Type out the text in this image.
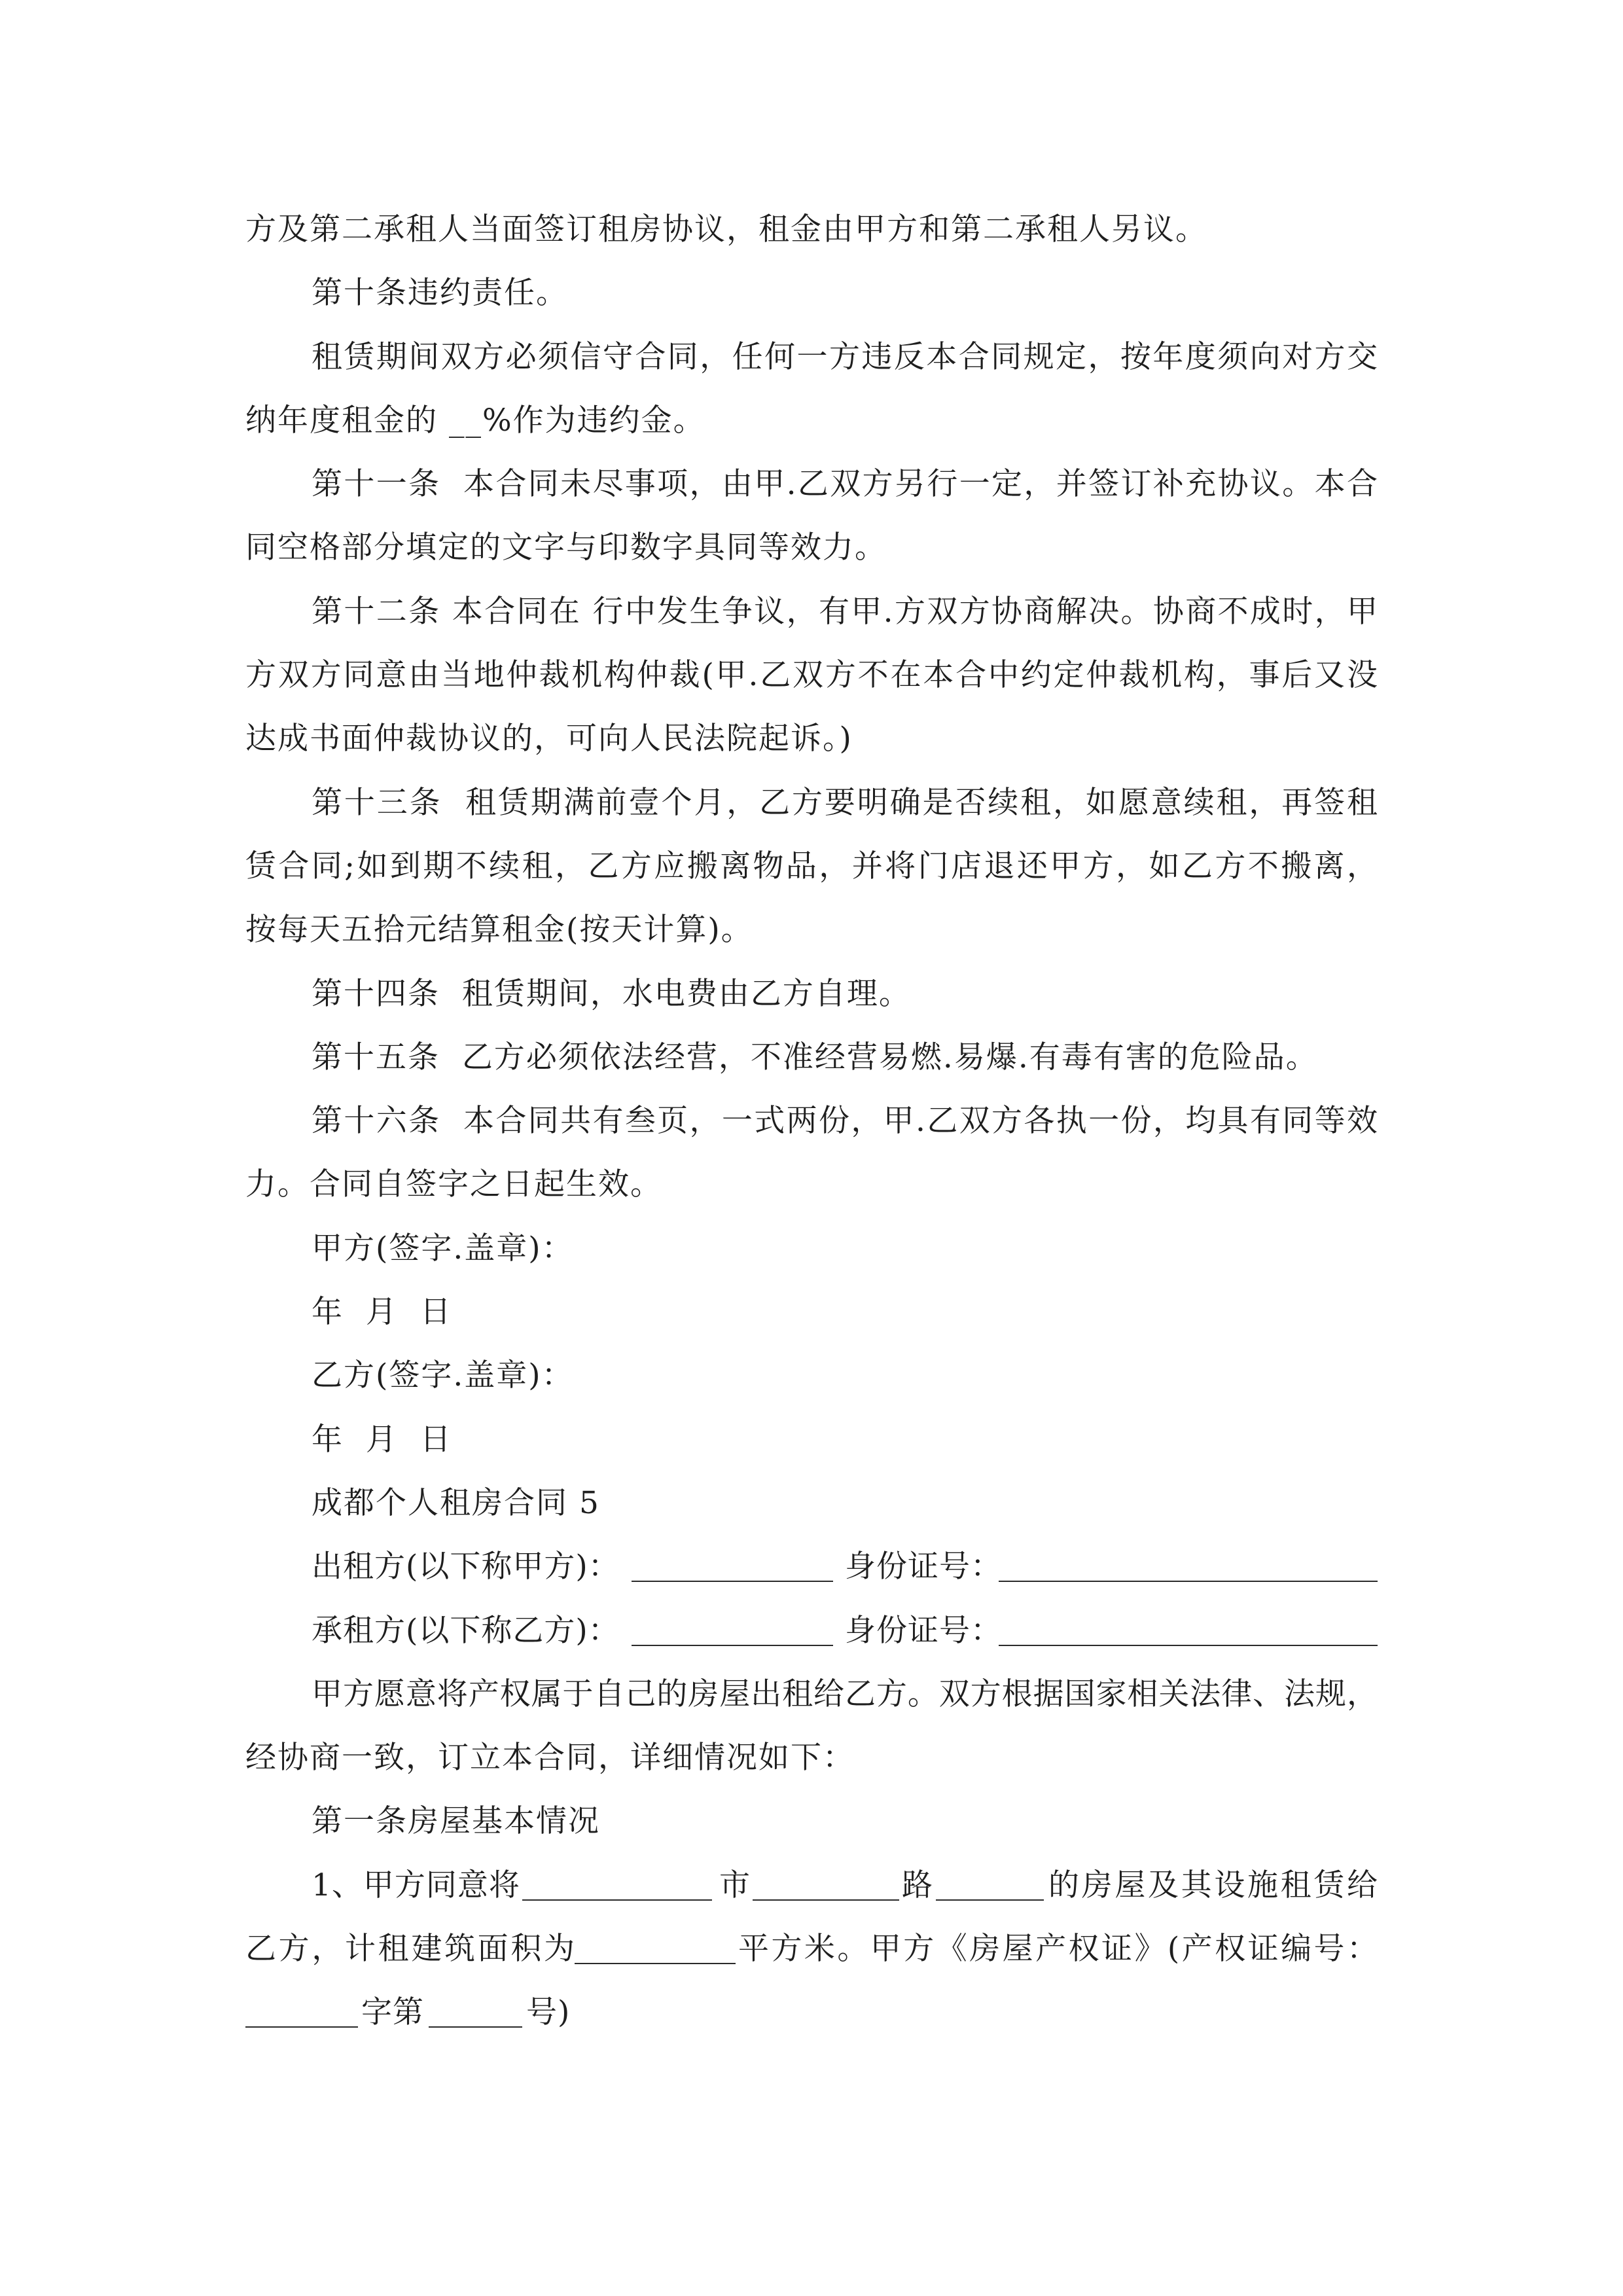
方及第二承租人当面签订租房协议，租金由甲方和第二承租人另议。
第十条违约责任。
租赁期间双方必须信守合同，任何一方违反本合同规定，按年度须向对方交
纳年度租金的 __%作为违约金。
第十一条  本合同未尽事项，由甲.乙双方另行一定，并签订补充协议。本合
同空格部分填定的文字与印数字具同等效力。
第十二条 本合同在 行中发生争议，有甲.方双方协商解决。协商不成时，甲
方双方同意由当地仲裁机构仲裁(甲.乙双方不在本合中约定仲裁机构，事后又没
达成书面仲裁协议的，可向人民法院起诉。)
第十三条  租赁期满前壹个月，乙方要明确是否续租，如愿意续租，再签租
赁合同;如到期不续租，乙方应搬离物品，并将门店退还甲方，如乙方不搬离，
按每天五拾元结算租金(按天计算)。
第十四条  租赁期间，水电费由乙方自理。
第十五条  乙方必须依法经营，不准经营易燃.易爆.有毒有害的危险品。
第十六条  本合同共有叁页，一式两份，甲.乙双方各执一份，均具有同等效
力。合同自签字之日起生效。
甲方(签字.盖章)：
年  月  日
乙方(签字.盖章)：
年  月  日
成都个人租房合同 5

出租方(以下称甲方)：

	身份证号：

承租方(以下称乙方)：

	身份证号：

甲方愿意将产权属于自己的房屋出租给乙方。双方根据国家相关法律、法规，
经协商一致，订立本合同，详细情况如下：
第一条房屋基本情况

1、甲方同意将

	市

	路

	的房屋及其设施租赁给

乙方，计租建筑面积为

	平方米。甲方《房屋产权证》(产权证编号：

字第

	号)
